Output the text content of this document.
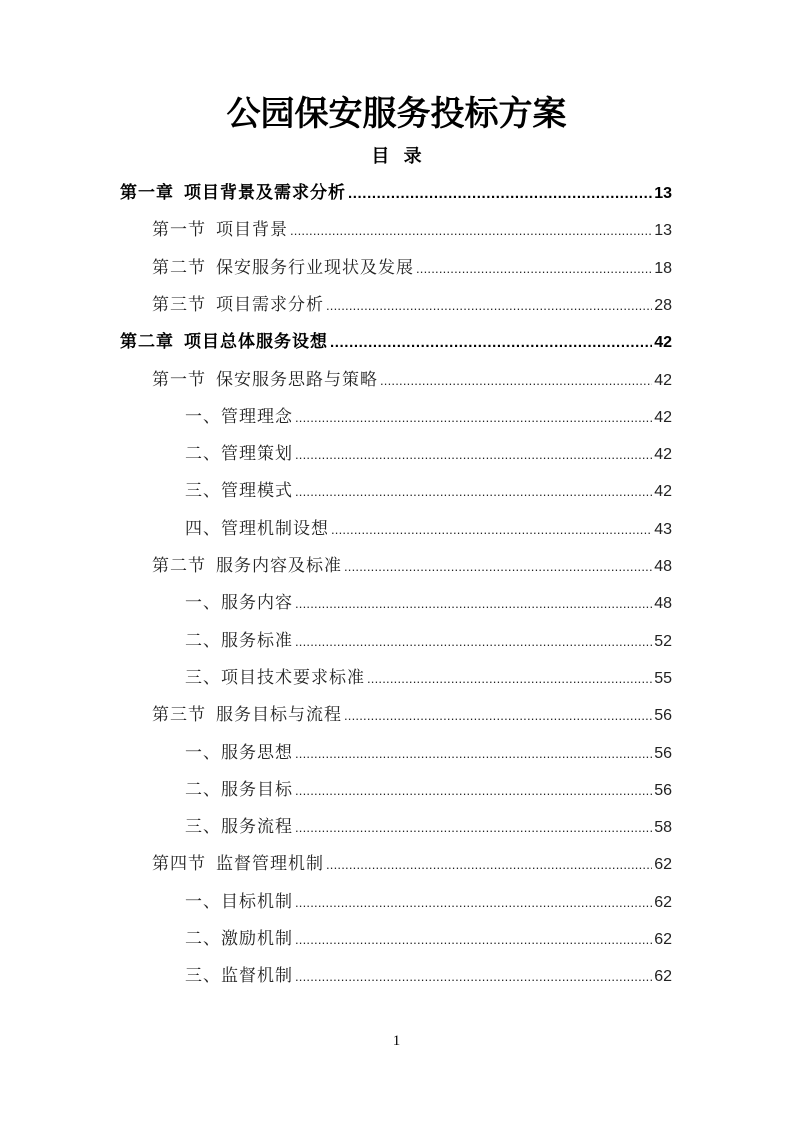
公园保安服务投标方案
目 录
第一章 项目背景及需求分析 .....	13
第一节 项目背景 .....	13
第二节 保安服务行业现状及发展 .....	18
第三节 项目需求分析 .....	28
第二章 项目总体服务设想 .....	42
第一节 保安服务思路与策略 .....	42
一、管理理念 .....	42
二、管理策划 .....	42
三、管理模式 .....	42
四、管理机制设想 .....	43
第二节 服务内容及标准 .....	48
一、服务内容 .....	48
二、服务标准 .....	52
三、项目技术要求标准 .....	55
第三节 服务目标与流程 .....	56
一、服务思想 .....	56
二、服务目标 .....	56
三、服务流程 .....	58
第四节 监督管理机制 .....	62
一、目标机制 .....	62
二、激励机制 .....	62
三、监督机制 .....	62
1
